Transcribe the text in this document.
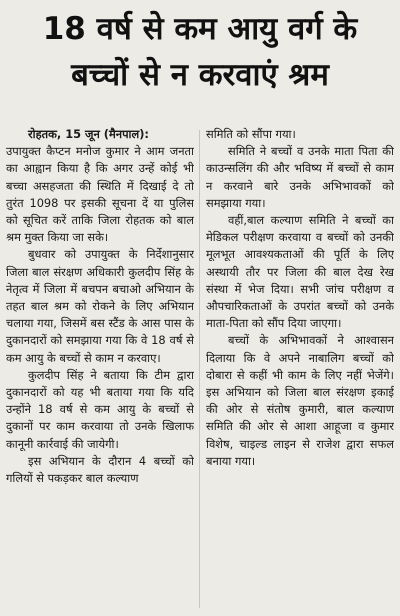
18 वर्ष से कम आयु वर्ग के
बच्चों से न करवाएं श्रम

रोहतक, 15 जून (मैनपाल):

उपायुक्त कैप्टन मनोज कुमार ने आम जनता का आह्वान किया है कि अगर उन्हें कोई भी बच्चा असहजता की स्थिति में दिखाई दे तो तुरंत 1098 पर इसकी सूचना दें या पुलिस को सूचित करें ताकि जिला रोहतक को बाल श्रम मुक्त किया जा सके।

बुधवार को उपायुक्त के निर्देशानुसार जिला बाल संरक्षण अधिकारी कुलदीप सिंह के नेतृत्व में जिला में बचपन बचाओ अभियान के तहत बाल श्रम को रोकने के लिए अभियान चलाया गया, जिसमें बस स्टैंड के आस पास के दुकानदारों को समझाया गया कि वे 18 वर्ष से कम आयु के बच्चों से काम न करवाए।

कुलदीप सिंह ने बताया कि टीम द्वारा दुकानदारों को यह भी बताया गया कि यदि उन्होंने 18 वर्ष से कम आयु के बच्चों से दुकानों पर काम करवाया तो उनके खिलाफ कानूनी कार्रवाई की जायेगी।

इस अभियान के दौरान 4 बच्चों को गलियों से पकड़कर बाल कल्याण

समिति को सौंपा गया।

समिति ने बच्चों व उनके माता पिता की काउन्सलिंग की और भविष्य में बच्चों से काम न करवाने बारे उनके अभिभावकों को समझाया गया।

वहीं,बाल कल्याण समिति ने बच्चों का मेडिकल परीक्षण करवाया व बच्चों को उनकी मूलभूत आवश्यकताओं की पूर्ति के लिए अस्थायी तौर पर जिला की बाल देख रेख संस्था में भेज दिया। सभी जांच परीक्षण व औपचारिकताओं के उपरांत बच्चों को उनके माता-पिता को सौंप दिया जाएगा।

बच्चों के अभिभावकों ने आश्वासन दिलाया कि वे अपने नाबालिग बच्चों को दोबारा से कहीं भी काम के लिए नहीं भेजेंगे। इस अभियान को जिला बाल संरक्षण इकाई की ओर से संतोष कुमारी, बाल कल्याण समिति की ओर से आशा आहूजा व कुमार विशेष, चाइल्ड लाइन से राजेश द्वारा सफल बनाया गया।
